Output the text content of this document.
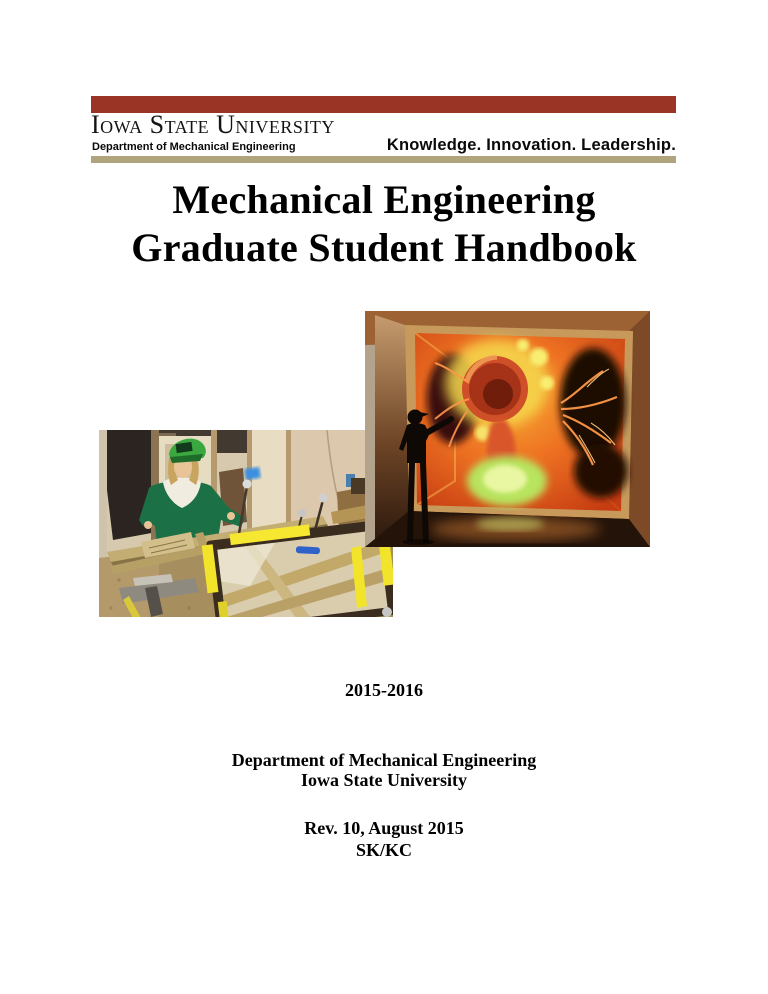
Iowa State University
Department of Mechanical Engineering	Knowledge. Innovation. Leadership.
Mechanical Engineering
Graduate Student Handbook
2015-2016
Department of Mechanical Engineering
Iowa State University
Rev. 10, August 2015
SK/KC
